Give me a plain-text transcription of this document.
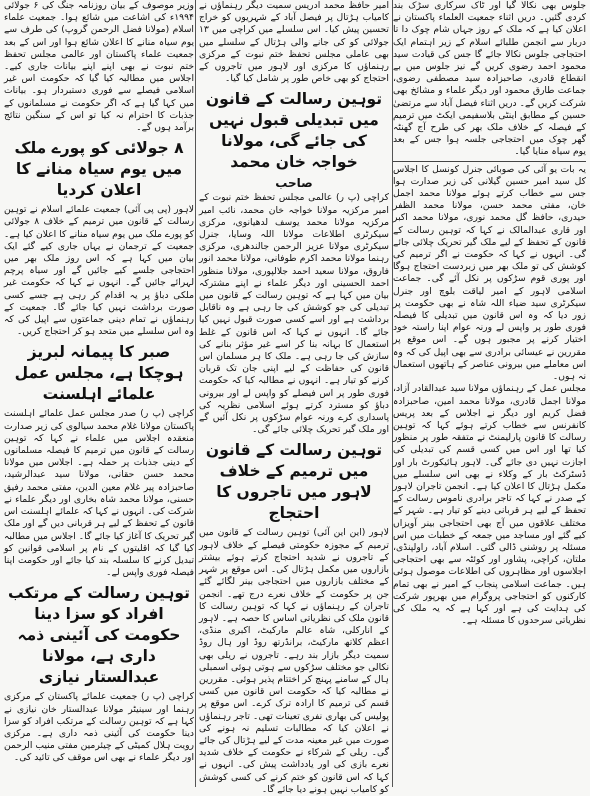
جلوس بھی نکالا گیا اور ٹاک سرکاری سڑک بند کردی گئیں۔ دریں اثناء جمعیت العلماء پاکستان نے اعلان کیا ہے کہ ملک کے روز جہاں شام چوک دا تا دربار سے انجمن طلبائے اسلام کے زیر اہتمام ایک احتجاجی جلوس نکالا جائے گا جس کی قیادت سید محمود احمد رضوی کریں گے نیز جلوس میں بے انقطاع قادری، صاحبزادہ سید مصطفی رضوی، جماعت طارق محمود اور دیگر علماء و مشائخ بھی شرکت کریں گے۔ دریں اثناء فیصل آباد سے مرتضیٰ حسین کے مطابق اینٹی بلاسفیمی ایکٹ میں ترمیم کے فیصلہ کے خلاف ملک بھر کی طرح آج گھنٹہ گھر چوک میں احتجاجی جلسہ ہوا جس کے بعد یوم سیاہ منایا گیا۔

یہ بات یو آئی کی صوبائی جنرل کونسل کا اجلاس کل سید امیر حسین گیلانی کی زیر صدارت ہوا جس سے خطاب کرتے ہوئے مولانا محمد اجمل خان، مفتی محمد حسن، مولانا محمد الظفر حیدری، حافظ گل محمد نوری، مولانا محمد اکبر اور قاری عبدالمالک نے کہا کہ توہین رسالت کے قانون کے تحفظ کے لیے ملک گیر تحریک چلائی جائے گی۔ انہوں نے کہا کہ حکومت نے اگر ترمیم کی کوشش کی تو ملک بھر میں زبردست احتجاج ہوگا اور پوری قوم سڑکوں پر نکل آئے گی۔ جماعت اسلامی لاہور کے امیر لیاقت بلوچ اور جنرل سیکرٹری سید ضیاء اللہ شاہ نے بھی حکومت پر زور دیا کہ وہ اس قانون میں تبدیلی کا فیصلہ فوری طور پر واپس لے ورنہ عوام اپنا راستہ خود اختیار کرنے پر مجبور ہوں گے۔ اس موقع پر مقررین نے عیسائی برادری سے بھی اپیل کی کہ وہ اس معاملے میں بیرونی عناصر کے ہاتھوں استعمال نہ ہوں۔

مجلس عمل کے رہنماؤں مولانا سید عبدالقادر آزاد، مولانا اجمل قادری، مولانا محمد امین، صاحبزادہ فضل کریم اور دیگر نے اجلاس کے بعد پریس کانفرنس سے خطاب کرتے ہوئے کہا کہ توہین رسالت کا قانون پارلیمنٹ نے متفقہ طور پر منظور کیا تھا اور اس میں کسی قسم کی تبدیلی کی اجازت نہیں دی جائے گی۔ لاہور ہائیکورٹ بار اور ڈسٹرکٹ بار کے وکلاء نے بھی اس سلسلے میں مکمل ہڑتال کا اعلان کیا ہے۔ انجمن تاجران لاہور کے صدر نے کہا کہ تاجر برادری ناموس رسالت کے تحفظ کے لیے ہر قربانی دینے کو تیار ہے۔ شہر کے مختلف علاقوں میں آج بھی احتجاجی بینر آویزاں کیے گئے اور مساجد میں جمعہ کے خطبات میں اس مسئلہ پر روشنی ڈالی گئی۔ اسلام آباد، راولپنڈی، ملتان، کراچی، پشاور اور کوئٹہ سے بھی احتجاجی اجلاسوں اور مظاہروں کی اطلاعات موصول ہوئی ہیں۔ جماعت اسلامی پنجاب کے امیر نے بھی تمام کارکنوں کو احتجاجی پروگرام میں بھرپور شرکت کی ہدایت کی ہے اور کہا ہے کہ یہ ملک کی نظریاتی سرحدوں کا مسئلہ ہے۔

امیر حافظ محمد ادریس سمیت دیگر رہنماؤں نے کامیاب ہڑتال پر فیصل آباد کے شہریوں کو خراج تحسین پیش کیا۔ اس سلسلے میں کراچی میں ۱۳ جولائی کو کی جانے والی ہڑتال کے سلسلے میں بھی عاملی مجلس تحفظ ختم نبوت کے مرکزی رہنماؤں کا مرکزی اور لاہور میں تاجروں کے احتجاج کو بھی خاص طور پر شامل کیا گیا۔

توہین رسالت کے قانون میں تبدیلی قبول نہیں کی جائے گی، مولانا خواجہ خان محمد
صاحب

کراچی (پ ر) عالمی مجلس تحفظ ختم نبوت کے امیر مرکزیہ مولانا خواجہ خان محمد، نائب امیر مرکزیہ مولانا محمد یوسف لدھیانوی، مرکزی سیکرٹری اطلاعات مولانا اللہ وسایا، جنرل سیکرٹری مولانا عزیز الرحمن جالندھری، مرکزی رہنما مولانا محمد اکرم طوفانی، مولانا محمد انور فاروق، مولانا سعید احمد جلالپوری، مولانا منظور احمد الحسینی اور دیگر علماء نے اپنے مشترکہ بیان میں کہا ہے کہ توہین رسالت کے قانون میں تبدیلی کی جو کوشش کی جا رہی ہے وہ ناقابل برداشت ہے اور اسے کسی صورت قبول نہیں کیا جائے گا۔ انہوں نے کہا کہ اس قانون کے غلط استعمال کا بہانہ بنا کر اسے غیر مؤثر بنانے کی سازش کی جا رہی ہے۔ ملک کا ہر مسلمان اس قانون کی حفاظت کے لیے اپنی جان تک قربان کرنے کو تیار ہے۔ انہوں نے مطالبہ کیا کہ حکومت فوری طور پر اس فیصلے کو واپس لے اور بیرونی دباؤ کو مسترد کرتے ہوئے اسلامی نظریہ کی پاسداری کرے ورنہ عوام سڑکوں پر نکل آئیں گے اور ملک گیر تحریک چلائی جائے گی۔

توہین رسالت کے قانون میں ترمیم کے خلاف لاہور میں تاجروں کا احتجاج

لاہور (این این آئی) توہین رسالت کے قانون میں ترمیم کے مجوزہ حکومتی فیصلے کے خلاف لاہور کے تاجروں نے شدید احتجاج کرتے ہوئے بیشتر بازاروں میں مکمل ہڑتال کی۔ اس موقع پر شہر کے مختلف بازاروں میں احتجاجی بینر لگائے گئے جن پر حکومت کے خلاف نعرے درج تھے۔ انجمن تاجران کے رہنماؤں نے کہا کہ توہین رسالت کا قانون ملک کی نظریاتی اساس کا حصہ ہے۔ لاہور کے انارکلی، شاہ عالم مارکیٹ، اکبری منڈی، اعظم کلاتھ مارکیٹ، برانڈرتھ روڈ اور ہال روڈ سمیت دیگر بازار بند رہے۔ تاجروں نے ریلی بھی نکالی جو مختلف سڑکوں سے ہوتی ہوئی اسمبلی ہال کے سامنے پہنچ کر اختتام پذیر ہوئی۔ مقررین نے مطالبہ کیا کہ حکومت اس قانون میں کسی قسم کی ترمیم کا ارادہ ترک کرے۔ اس موقع پر پولیس کی بھاری نفری تعینات تھی۔ تاجر رہنماؤں نے اعلان کیا کہ مطالبات تسلیم نہ ہونے کی صورت میں غیر معینہ مدت کے لیے ہڑتال کی جائے گی۔ ریلی کے شرکاء نے حکومت کے خلاف شدید نعرے بازی کی اور یادداشت پیش کی۔ انہوں نے کہا کہ اس قانون کو ختم کرنے کی کسی کوشش کو کامیاب نہیں ہونے دیا جائے گا۔

وزیر موصوف کے بیان روزنامہ جنگ کی ۶ جولائی ۱۹۹۴ء کی اشاعت میں شائع ہوا۔ جمعیت علماء اسلام (مولانا فضل الرحمن گروپ) کی طرف سے یوم سیاہ منانے کا اعلان شائع ہوا اور اس کے بعد جمعیت علماء پاکستان اور عالمی مجلس تحفظ ختم نبوت نے بھی اپنے اپنے بیانات جاری کیے۔ اجلاس میں مطالبہ کیا گیا کہ حکومت اس غیر اسلامی فیصلے سے فوری دستبردار ہو۔ بیانات میں کہا گیا ہے کہ اگر حکومت نے مسلمانوں کے جذبات کا احترام نہ کیا تو اس کے سنگین نتائج برآمد ہوں گے۔

۸ جولائی کو پورے ملک میں یوم سیاہ منانے کا اعلان کردیا

لاہور (پی پی آئی) جمعیت علمائے اسلام نے توہین رسالت کے قانون میں ترمیم کے خلاف ۸ جولائی کو پورے ملک میں یوم سیاہ منانے کا اعلان کیا ہے۔ جمعیت کے ترجمان نے یہاں جاری کیے گئے ایک بیان میں کہا ہے کہ اس روز ملک بھر میں احتجاجی جلسے کیے جائیں گے اور سیاہ پرچم لہرائے جائیں گے۔ انہوں نے کہا کہ حکومت غیر ملکی دباؤ پر یہ اقدام کر رہی ہے جسے کسی صورت برداشت نہیں کیا جائے گا۔ جمعیت کے رہنماؤں نے تمام دینی جماعتوں سے اپیل کی کہ وہ اس سلسلے میں متحد ہو کر احتجاج کریں۔

صبر کا پیمانہ لبریز ہوچکا ہے، مجلس عمل علمائے اہلسنت

کراچی (پ ر) صدر مجلس عمل علمائے اہلسنت پاکستان مولانا غلام محمد سیالوی کی زیر صدارت منعقدہ اجلاس میں علماء نے کہا کہ توہین رسالت کے قانون میں ترمیم کا فیصلہ مسلمانوں کے دینی جذبات پر حملہ ہے۔ اجلاس میں مولانا محمد حسن حقانی، مولانا سید عبدالرشید، صاحبزادہ پیر غلام معین الدین، مفتی محمد رفیق حسنی، مولانا محمد شاہ بخاری اور دیگر علماء نے شرکت کی۔ انہوں نے کہا کہ علمائے اہلسنت اس قانون کے تحفظ کے لیے ہر قربانی دیں گے اور ملک گیر تحریک کا آغاز کیا جائے گا۔ اجلاس میں مطالبہ کیا گیا کہ اقلیتوں کے نام پر اسلامی قوانین کو تبدیل کرنے کا سلسلہ بند کیا جائے اور حکومت اپنا فیصلہ فوری واپس لے۔

توہین رسالت کے مرتکب افراد کو سزا دینا حکومت کی آئینی ذمہ داری ہے، مولانا عبدالستار نیازی

کراچی (پ ر) جمعیت علمائے پاکستان کے مرکزی رہنما اور سینیٹر مولانا عبدالستار خان نیازی نے کہا ہے کہ توہین رسالت کے مرتکب افراد کو سزا دینا حکومت کی آئینی ذمہ داری ہے۔ مرکزی رویت ہلال کمیٹی کے چیئرمین مفتی منیب الرحمن اور دیگر علماء نے بھی اس موقف کی تائید کی۔
